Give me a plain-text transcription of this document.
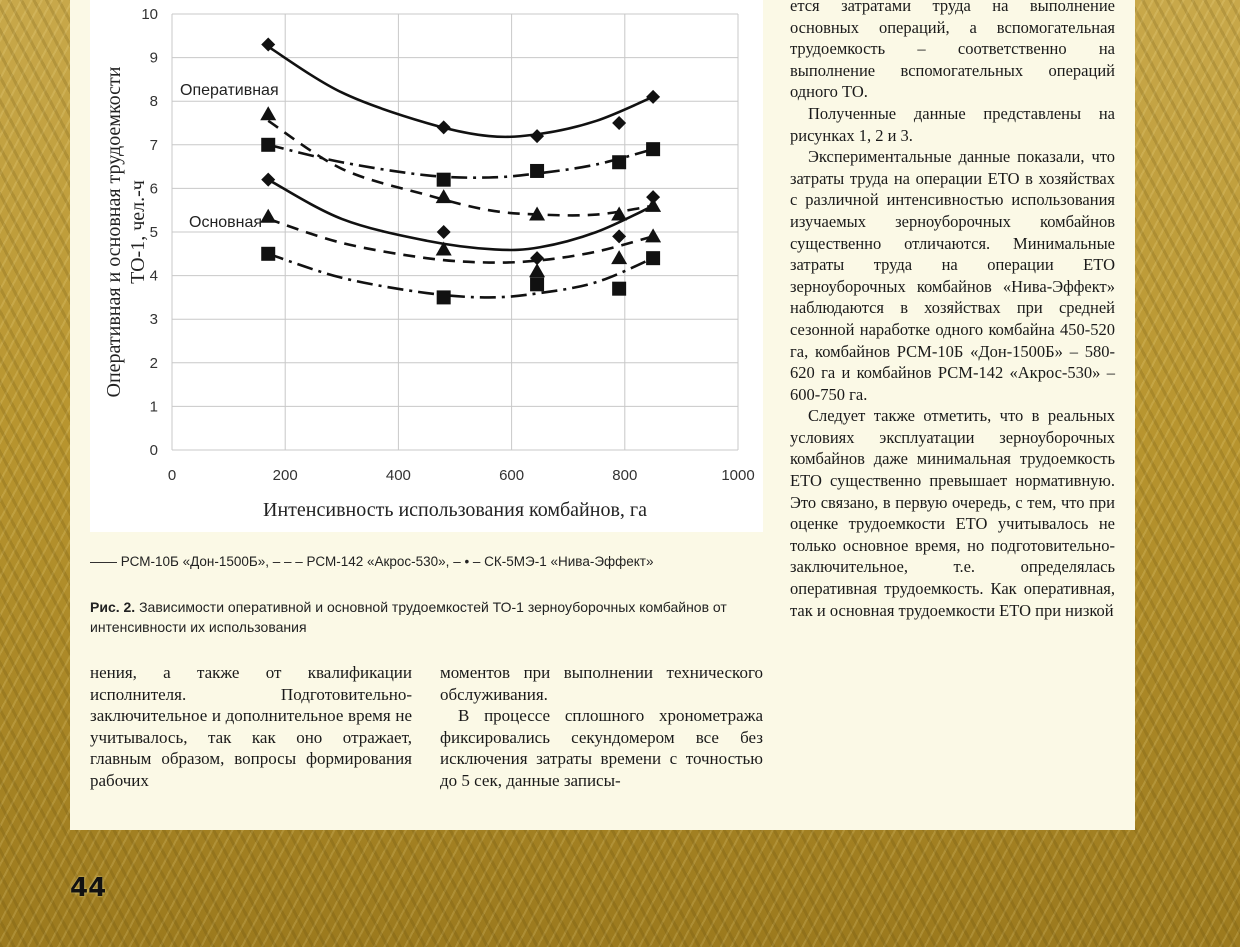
0
1
2
3
4
5
6
7
8
9
10
0	200	400	600	800	1000
Интенсивность использования комбайнов, га
Оперативная и основная трудоемкости ТО-1, чел.-ч
Оперативная
Основная
—— РСМ-10Б «Дон-1500Б», – – – РСМ-142 «Акрос-530», – • – СК-5МЭ-1 «Нива-Эффект»
Рис. 2. Зависимости оперативной и основной трудоемкостей ТО-1 зерноуборочных комбайнов от интенсивности их использования

нения, а также от квалификации исполнителя. Подготовительно-заключительное и дополнительное время не учитывалось, так как оно отражает, главным образом, вопросы формирования рабочих

моментов при выполнении технического обслуживания.

В процессе сплошного хронометража фиксировались секундомером все без исключения затраты времени с точностью до 5 сек, данные записы-

ется затратами труда на выполнение основных операций, а вспомогательная трудоемкость – соответственно на выполнение вспомогательных операций одного ТО.

Полученные данные представлены на рисунках 1, 2 и 3.

Экспериментальные данные показали, что затраты труда на операции ЕТО в хозяйствах с различной интенсивностью использования изучаемых зерноуборочных комбайнов существенно отличаются. Минимальные затраты труда на операции ЕТО зерноуборочных комбайнов «Нива-Эффект» наблюдаются в хозяйствах при средней сезонной наработке одного комбайна 450-520 га, комбайнов РСМ-10Б «Дон-1500Б» – 580-620 га и комбайнов РСМ-142 «Акрос-530» – 600-750 га.

Следует также отметить, что в реальных условиях эксплуатации зерноуборочных комбайнов даже минимальная трудоемкость ЕТО существенно превышает нормативную. Это связано, в первую очередь, с тем, что при оценке трудоемкости ЕТО учитывалось не только основное время, но подготовительно-заключительное, т.е. определялась оперативная трудоемкость. Как оперативная, так и основная трудоемкости ЕТО при низкой

44
